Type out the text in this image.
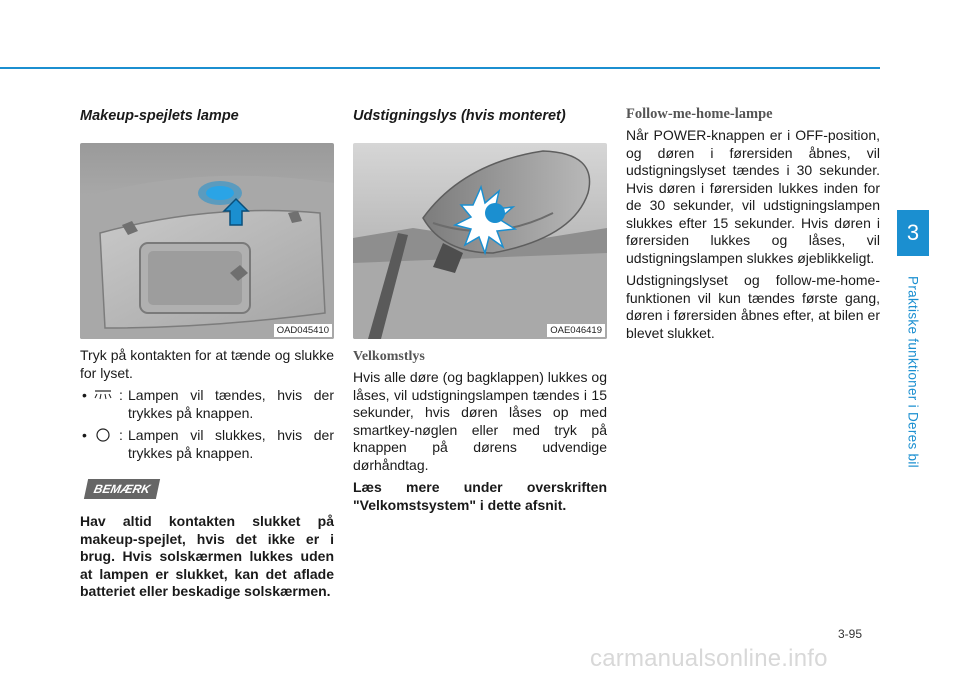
Makeup-spejlets lampe
OAD045410

Tryk på kontakten for at tænde og slukke for lyset.

• : Lampen vil tændes, hvis der trykkes på knappen.
• : Lampen vil slukkes, hvis der trykkes på knappen.
BEMÆRK

Hav altid kontakten slukket på makeup-spejlet, hvis det ikke er i brug. Hvis solskærmen lukkes uden at lampen er slukket, kan det aflade batteriet eller beskadige solskærmen.

Udstigningslys (hvis monteret)
OAE046419
Velkomstlys

Hvis alle døre (og bagklappen) lukkes og låses, vil udstigningslampen tændes i 15 sekunder, hvis døren låses op med smartkey-nøglen eller med tryk på knappen på dørens udvendige dørhåndtag.

Læs mere under overskriften "Velkomstsystem" i dette afsnit.

Follow-me-home-lampe

Når POWER-knappen er i OFF-position, og døren i førersiden åbnes, vil udstigningslyset tændes i 30 sekunder. Hvis døren i førersiden lukkes inden for de 30 sekunder, vil udstigningslampen slukkes efter 15 sekunder. Hvis døren i førersiden lukkes og låses, vil udstigningslampen slukkes øjeblikkeligt.

Udstigningslyset og follow-me-home-funktionen vil kun tændes første gang, døren i førersiden åbnes efter, at bilen er blevet slukket.

3
Praktiske funktioner i Deres bil
3-95
carmanualsonline.info
